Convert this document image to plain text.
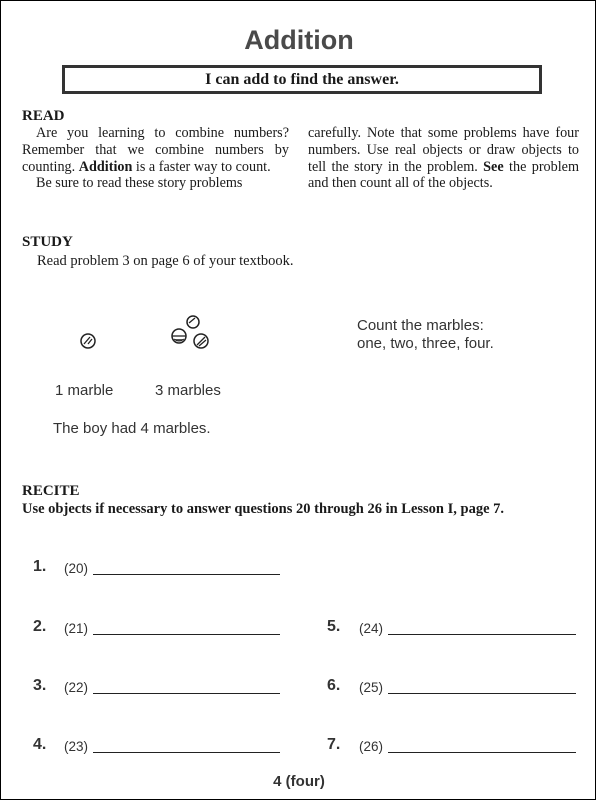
Addition
I can add to find the answer.
READ

Are you learning to combine numbers? Remember that we combine numbers by counting. Addition is a faster way to count.

Be sure to read these story problems

carefully. Note that some problems have four numbers. Use real objects or draw objects to tell the story in the problem. See the problem and then count all of the objects.

STUDY
Read problem 3 on page 6 of your textbook.
Count the marbles:
one, two, three, four.
1 marble	3 marbles
The boy had 4 marbles.
RECITE
Use objects if necessary to answer questions 20 through 26 in Lesson I, page 7.
1. (20)
2. (21)
3. (22)
4. (23)
5. (24)
6. (25)
7. (26)
4 (four)
